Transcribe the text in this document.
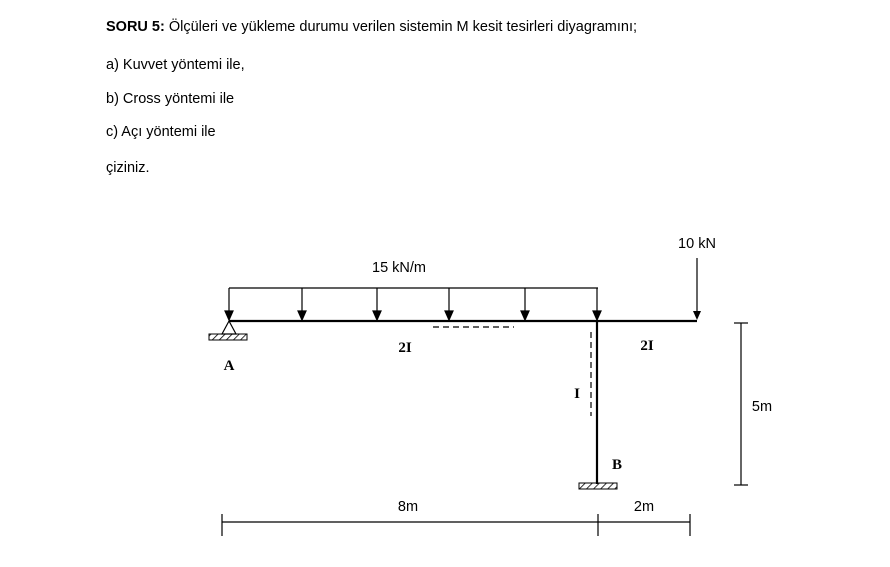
SORU 5: Ölçüleri ve yükleme durumu verilen sistemin M kesit tesirleri diyagramını;
a) Kuvvet yöntemi ile,
b) Cross yöntemi ile
c) Açı yöntemi ile
çiziniz.
15 kN/m
10 kN
A
B
2I	2I
I
8m	2m
5m
